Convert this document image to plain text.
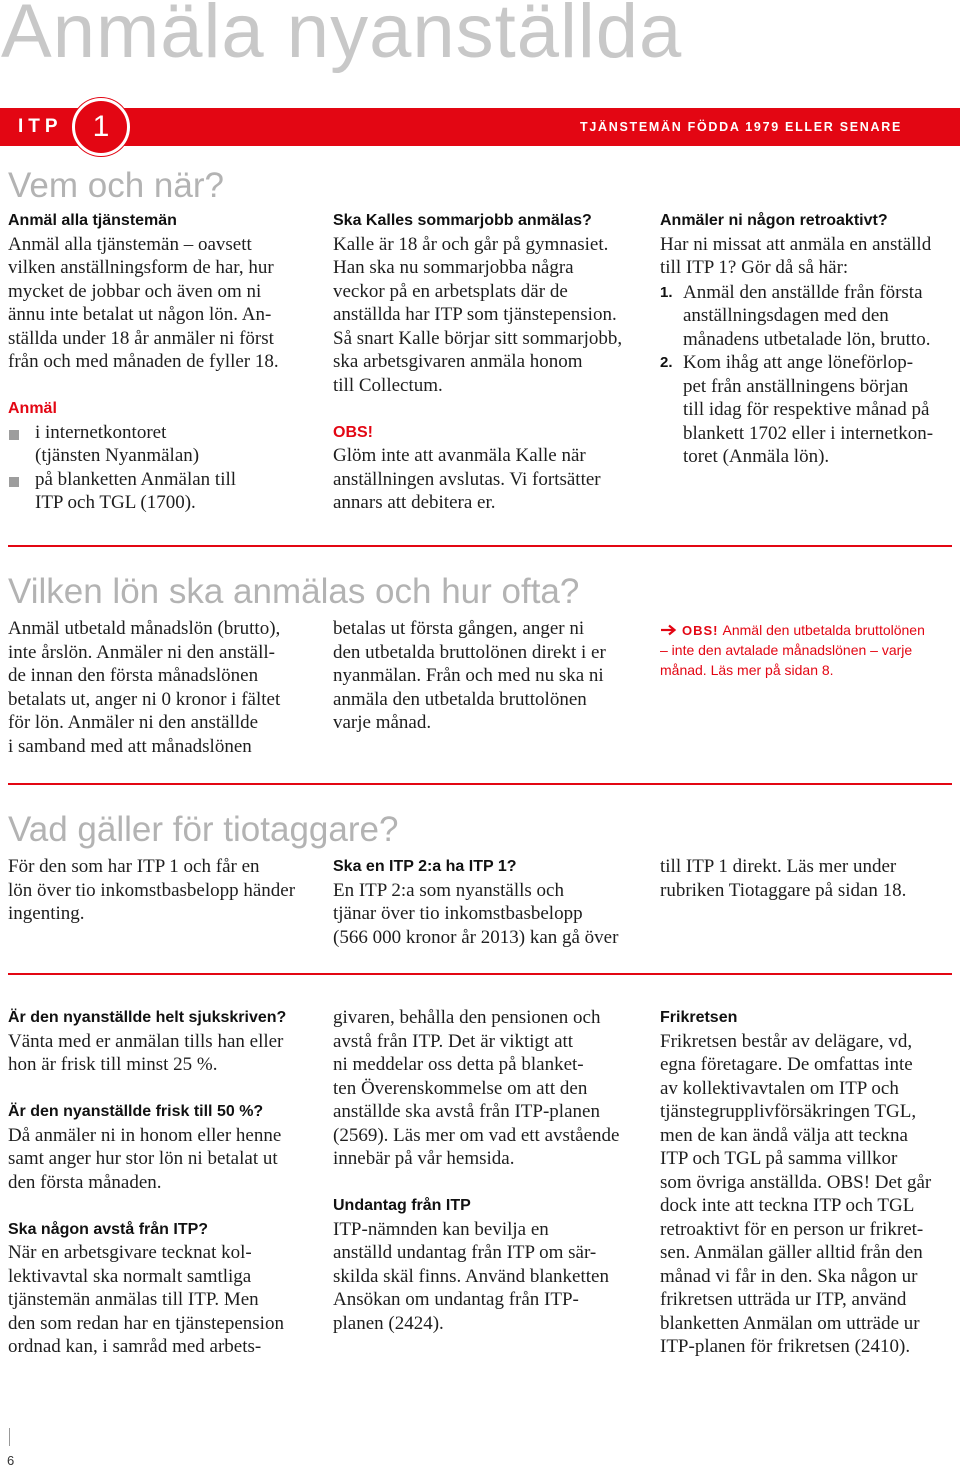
Anmäla nyanställda
ITP	TJÄNSTEMÄN FÖDDA 1979 ELLER SENARE
1
Vem och när?
Vilken lön ska anmälas och hur ofta?
Vad gäller för tiotaggare?
Anmäl alla tjänstemän
Anmäl alla tjänstemän – oavsett
vilken anställningsform de har, hur
mycket de jobbar och även om ni
ännu inte betalat ut någon lön. An-
ställda under 18 år anmäler ni först
från och med månaden de fyller 18.
Anmäl
i internetkontoret
(tjänsten Nyanmälan)
på blanketten Anmälan till
ITP och TGL (1700).
Ska Kalles sommarjobb anmälas?
Kalle är 18 år och går på gymnasiet.
Han ska nu sommarjobba några
veckor på en arbetsplats där de
anställda har ITP som tjänstepension.
Så snart Kalle börjar sitt sommarjobb,
ska arbetsgivaren anmäla honom
till Collectum.
OBS!
Glöm inte att avanmäla Kalle när
anställningen avslutas. Vi fortsätter
annars att debitera er.
Anmäler ni någon retroaktivt?
Har ni missat att anmäla en anställd
till ITP 1? Gör då så här:
1. Anmäl den anställde från första
anställningsdagen med den
månadens utbetalade lön, brutto.
2. Kom ihåg att ange löneförlop-
pet från anställningens början
till idag för respektive månad på
blankett 1702 eller i internetkon-
toret (Anmäla lön).
Anmäl utbetald månadslön (brutto),
inte årslön. Anmäler ni den anställ-
de innan den första månadslönen
betalats ut, anger ni 0 kronor i fältet
för lön. Anmäler ni den anställde
i samband med att månadslönen
betalas ut första gången, anger ni
den utbetalda bruttolönen direkt i er
nyanmälan. Från och med nu ska ni
anmäla den utbetalda bruttolönen
varje månad.
OBS! Anmäl den utbetalda bruttolönen
– inte den avtalade månadslönen – varje
månad. Läs mer på sidan 8.
För den som har ITP 1 och får en
lön över tio inkomstbasbelopp händer
ingenting.
Ska en ITP 2:a ha ITP 1?
En ITP 2:a som nyanställs och
tjänar över tio inkomstbasbelopp
(566 000 kronor år 2013) kan gå över
till ITP 1 direkt. Läs mer under
rubriken Tiotaggare på sidan 18.
Är den nyanställde helt sjukskriven?
Vänta med er anmälan tills han eller
hon är frisk till minst 25 %.
Är den nyanställde frisk till 50 %?
Då anmäler ni in honom eller henne
samt anger hur stor lön ni betalat ut
den första månaden.
Ska någon avstå från ITP?
När en arbetsgivare tecknat kol-
lektivavtal ska normalt samtliga
tjänstemän anmälas till ITP. Men
den som redan har en tjänstepension
ordnad kan, i samråd med arbets-
givaren, behålla den pensionen och
avstå från ITP. Det är viktigt att
ni meddelar oss detta på blanket-
ten Överenskommelse om att den
anställde ska avstå från ITP-planen
(2569). Läs mer om vad ett avstående
innebär på vår hemsida.
Undantag från ITP
ITP-nämnden kan bevilja en
anställd undantag från ITP om sär-
skilda skäl finns. Använd blanketten
Ansökan om undantag från ITP-
planen (2424).
Frikretsen
Frikretsen består av delägare, vd,
egna företagare. De omfattas inte
av kollektivavtalen om ITP och
tjänstegrupplivförsäkringen TGL,
men de kan ändå välja att teckna
ITP och TGL på samma villkor
som övriga anställda. OBS! Det går
dock inte att teckna ITP och TGL
retroaktivt för en person ur frikret-
sen. Anmälan gäller alltid från den
månad vi får in den. Ska någon ur
frikretsen utträda ur ITP, använd
blanketten Anmälan om utträde ur
ITP-planen för frikretsen (2410).
6
